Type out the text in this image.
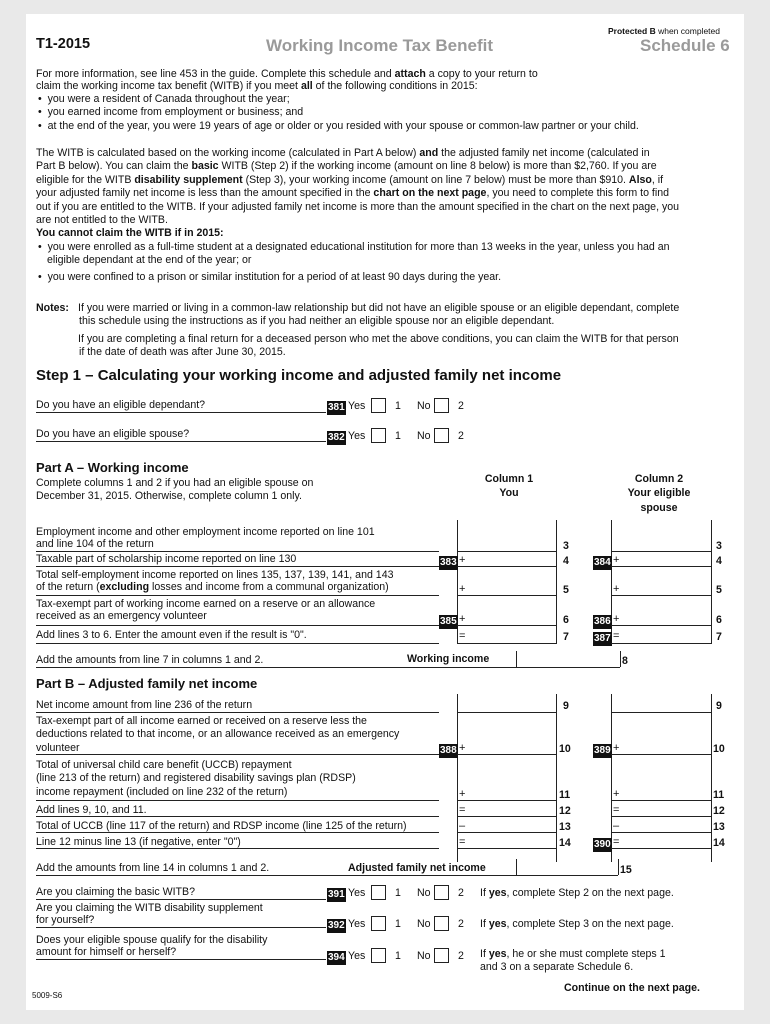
T1-2015	Working Income Tax Benefit
Protected B when completed
Schedule 6

For more information, see line 453 in the guide. Complete this schedule and attach a copy to your return to

claim the working income tax benefit (WITB) if you meet all of the following conditions in 2015:

•  you were a resident of Canada throughout the year;

•  you earned income from employment or business; and

•  at the end of the year, you were 19 years of age or older or you resided with your spouse or common-law partner or your child.

The WITB is calculated based on the working income (calculated in Part A below) and the adjusted family net income (calculated in

Part B below). You can claim the basic WITB (Step 2) if the working income (amount on line 8 below) is more than $2,760. If you are

eligible for the WITB disability supplement (Step 3), your working income (amount on line 7 below) must be more than $910. Also, if

your adjusted family net income is less than the amount specified in the chart on the next page, you need to complete this form to find

out if you are entitled to the WITB. If your adjusted family net income is more than the amount specified in the chart on the next page, you

are not entitled to the WITB.

You cannot claim the WITB if in 2015:

•  you were enrolled as a full-time student at a designated educational institution for more than 13 weeks in the year, unless you had an

eligible dependant at the end of the year; or

•  you were confined to a prison or similar institution for a period of at least 90 days during the year.

Notes: If you were married or living in a common-law relationship but did not have an eligible spouse or an eligible dependant, complete

this schedule using the instructions as if you had neither an eligible spouse nor an eligible dependant.

If you are completing a final return for a deceased person who met the above conditions, you can claim the WITB for that person

if the date of death was after June 30, 2015.

Step 1 – Calculating your working income and adjusted family net income
Do you have an eligible dependant?	381 Yes	1 No	2
Do you have an eligible spouse?	382 Yes	1 No	2
Part A – Working income

Complete columns 1 and 2 if you had an eligible spouse on

December 31, 2015. Otherwise, complete column 1 only.

Column 1

You

Column 2

Your eligible

spouse

Employment income and other employment income reported on line 101

and line 104 of the return	3	3
Taxable part of scholarship income reported on line 130	383 +	4	384 +	4

Total self-employment income reported on lines 135, 137, 139, 141, and 143

of the return (excluding losses and income from a communal organization)	+	5	+	5

Tax-exempt part of working income earned on a reserve or an allowance

received as an emergency volunteer	385 +	6	386 +	6
Add lines 3 to 6. Enter the amount even if the result is "0".	=	7	387 =	7
Add the amounts from line 7 in columns 1 and 2.	Working income	8
Part B – Adjusted family net income
Net income amount from line 236 of the return	9	9

Tax-exempt part of all income earned or received on a reserve less the

deductions related to that income, or an allowance received as an emergency

volunteer	388 +	10 389 +	10

Total of universal child care benefit (UCCB) repayment

(line 213 of the return) and registered disability savings plan (RDSP)

income repayment (included on line 232 of the return)	+	11	+	11
Add lines 9, 10, and 11.	=	12	=	12
Total of UCCB (line 117 of the return) and RDSP income (line 125 of the return)	–	13	–	13
Line 12 minus line 13 (if negative, enter "0")	=	14 390 =	14
Add the amounts from line 14 in columns 1 and 2.	Adjusted family net income	15
Are you claiming the basic WITB?	391 Yes	1 No	2 If yes, complete Step 2 on the next page.

Are you claiming the WITB disability supplement

for yourself?	392 Yes	1 No	2 If yes, complete Step 3 on the next page.

Does your eligible spouse qualify for the disability

amount for himself or herself?	394 Yes	1 No	2 If yes, he or she must complete steps 1

and 3 on a separate Schedule 6.

5009-S6
Continue on the next page.
